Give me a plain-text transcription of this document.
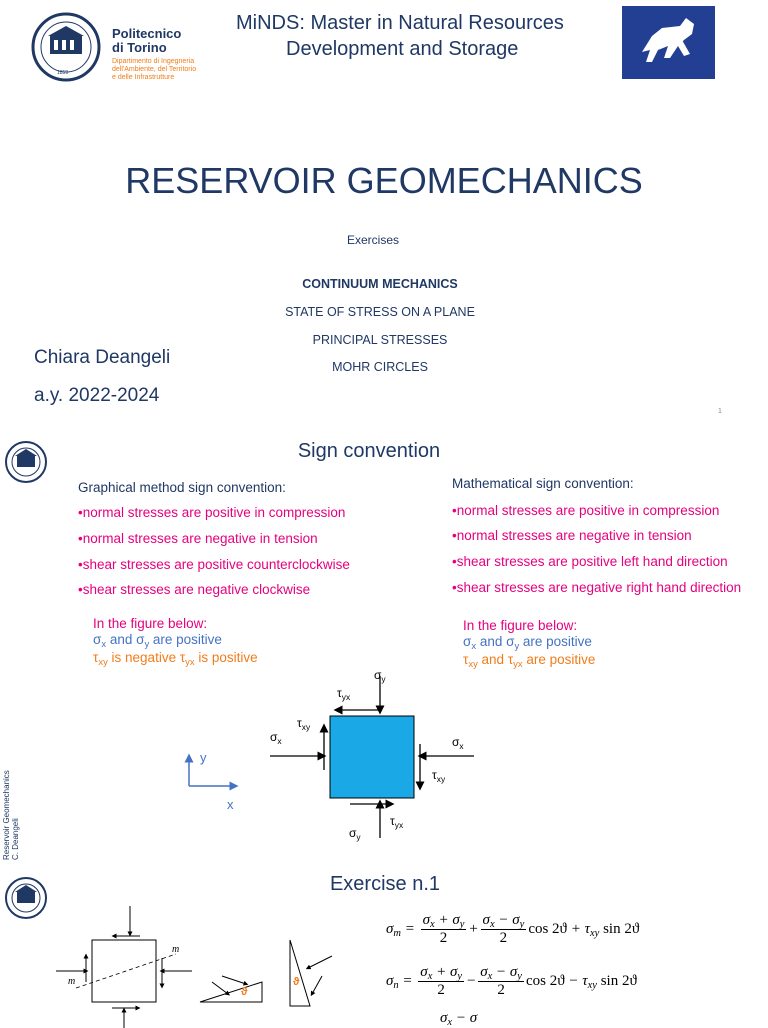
1859
Politecnico
di Torino
Dipartimento di Ingegneria
dell'Ambiente, del Territorio
e delle Infrastrutture
MiNDS: Master in Natural Resources
Development and Storage
RESERVOIR GEOMECHANICS
Exercises
CONTINUUM MECHANICS
STATE OF STRESS ON A PLANE
PRINCIPAL STRESSES
MOHR CIRCLES
Chiara Deangeli
a.y. 2022-2024
1
Sign convention
Graphical method sign convention:
•normal stresses are positive in compression
•normal stresses are negative in tension
•shear stresses are positive counterclockwise
•shear stresses are negative clockwise
In the figure below:
$\sigma_x$ and $\sigma_y$ are positive
$\tau_{xy}$ is negative $\tau_{yx}$ is positive
Mathematical sign convention:
•normal stresses are positive in compression
•normal stresses are negative in tension
•shear stresses are positive left hand direction
•shear stresses are negative right hand direction
In the figure below:
$\sigma_x$ and $\sigma_y$ are positive
$\tau_{xy}$ and $\tau_{yx}$ are positive
y
x
$\sigma_y$
$\tau_{yx}$
$\tau_{xy}$
$\sigma_x$	$\sigma_x$
$\tau_{xy}$
$\tau_{yx}$
$\sigma_y$
Reservoir Geomechanics C. Deangeli
Exercise n.1
m
m
ϑ
ϑ
$\sigma_m = \frac{\sigma_x + \sigma_y}{2} + \frac{\sigma_x - \sigma_y}{2}$ $\cos 2ϑ + \tau_{xy}$ sin 2ϑ
$\sigma_n = \frac{\sigma_x + \sigma_y}{2} - \frac{\sigma_x - \sigma_y}{2}$ $\cos 2ϑ - \tau_{xy}$ sin 2ϑ
$\sigma_x - \sigma$
